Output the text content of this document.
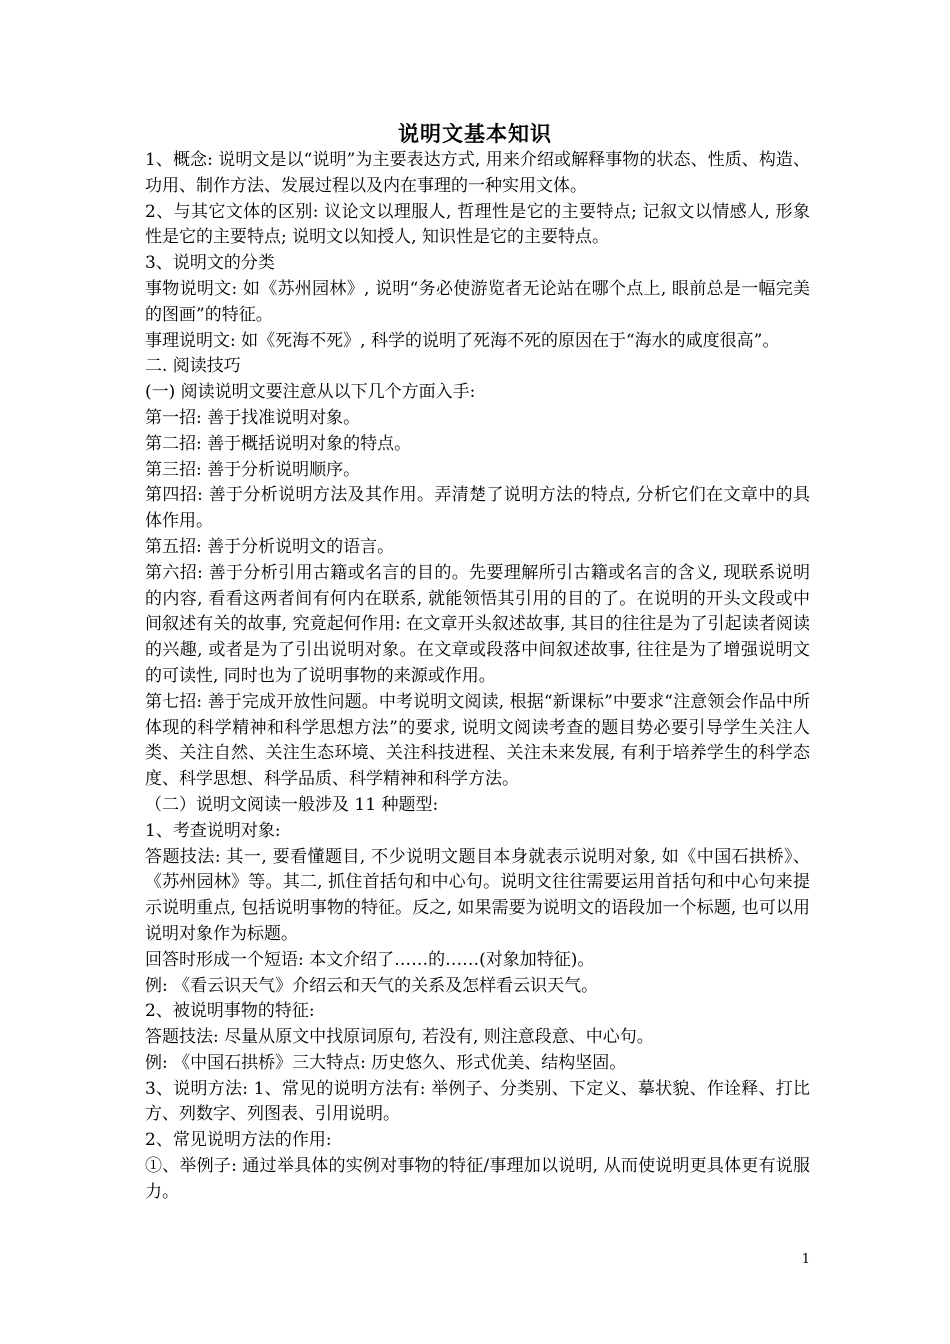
说明文基本知识

1、概念: 说明文是以“说明”为主要表达方式, 用来介绍或解释事物的状态、性质、构造、功用、制作方法、发展过程以及内在事理的一种实用文体。

2、与其它文体的区别: 议论文以理服人, 哲理性是它的主要特点; 记叙文以情感人, 形象性是它的主要特点; 说明文以知授人, 知识性是它的主要特点。

3、说明文的分类

事物说明文: 如《苏州园林》, 说明“务必使游览者无论站在哪个点上, 眼前总是一幅完美的图画”的特征。

事理说明文: 如《死海不死》, 科学的说明了死海不死的原因在于“海水的咸度很高”。

二. 阅读技巧

(一) 阅读说明文要注意从以下几个方面入手:

第一招: 善于找准说明对象。

第二招: 善于概括说明对象的特点。

第三招: 善于分析说明顺序。

第四招: 善于分析说明方法及其作用。弄清楚了说明方法的特点, 分析它们在文章中的具体作用。

第五招: 善于分析说明文的语言。

第六招: 善于分析引用古籍或名言的目的。先要理解所引古籍或名言的含义, 现联系说明的内容, 看看这两者间有何内在联系, 就能领悟其引用的目的了。在说明的开头文段或中间叙述有关的故事, 究竟起何作用: 在文章开头叙述故事, 其目的往往是为了引起读者阅读的兴趣, 或者是为了引出说明对象。在文章或段落中间叙述故事, 往往是为了增强说明文的可读性, 同时也为了说明事物的来源或作用。

第七招: 善于完成开放性问题。中考说明文阅读, 根据“新课标”中要求“注意领会作品中所体现的科学精神和科学思想方法”的要求, 说明文阅读考查的题目势必要引导学生关注人类、关注自然、关注生态环境、关注科技进程、关注未来发展, 有利于培养学生的科学态度、科学思想、科学品质、科学精神和科学方法。

（二）说明文阅读一般涉及 11 种题型:

1、考查说明对象:

答题技法: 其一, 要看懂题目, 不少说明文题目本身就表示说明对象, 如《中国石拱桥》、《苏州园林》等。其二, 抓住首括句和中心句。说明文往往需要运用首括句和中心句来提示说明重点, 包括说明事物的特征。反之, 如果需要为说明文的语段加一个标题, 也可以用说明对象作为标题。

回答时形成一个短语: 本文介绍了……的……(对象加特征)。

例: 《看云识天气》介绍云和天气的关系及怎样看云识天气。

2、被说明事物的特征:

答题技法: 尽量从原文中找原词原句, 若没有, 则注意段意、中心句。

例: 《中国石拱桥》三大特点: 历史悠久、形式优美、结构坚固。

3、说明方法: 1、常见的说明方法有: 举例子、分类别、下定义、摹状貌、作诠释、打比方、列数字、列图表、引用说明。

2、常见说明方法的作用:

①、举例子: 通过举具体的实例对事物的特征/事理加以说明, 从而使说明更具体更有说服力。

1
